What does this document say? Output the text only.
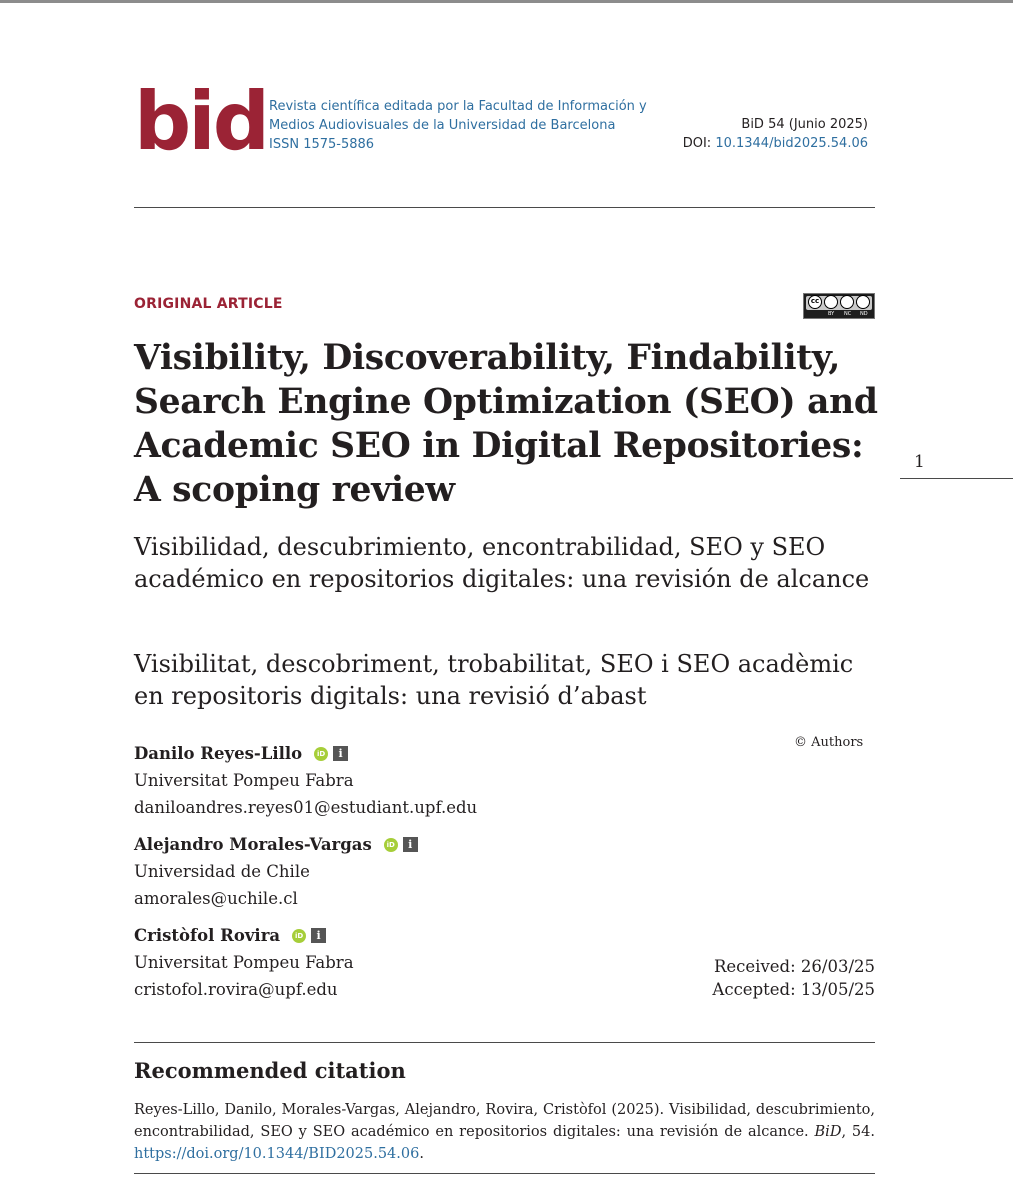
bid Revista científica editada por la Facultad de Información y
Medios Audiovisuales de la Universidad de Barcelona
ISSN 1575-5886
BiD 54 (Junio 2025)
DOI: 10.1344/bid2025.54.06
ORIGINAL ARTICLE	cc
BY NC ND
Visibility, Discoverability, Findability, Search Engine Optimization (SEO) and Academic SEO in Digital Repositories: A scoping review
1
Visibilidad, descubrimiento, encontrabilidad, SEO y SEO académico en repositorios digitales: una revisión de alcance
Visibilitat, descobriment, trobabilitat, SEO i SEO acadèmic en repositoris digitals: una revisió d’abast
© Authors
Danilo Reyes-Lillo	iD	i
Universitat Pompeu Fabra
daniloandres.reyes01@estudiant.upf.edu
Alejandro Morales-Vargas	iD	i
Universidad de Chile
amorales@uchile.cl
Cristòfol Rovira	iD	i
Universitat Pompeu Fabra
cristofol.rovira@upf.edu
Received: 26/03/25
Accepted: 13/05/25
Recommended citation
Reyes-Lillo, Danilo, Morales-Vargas, Alejandro, Rovira, Cristòfol (2025). Visibilidad, descubrimiento, encontrabilidad, SEO y SEO académico en repositorios digitales: una revisión de alcance. BiD, 54. https://doi.org/10.1344/BID2025.54.06.
